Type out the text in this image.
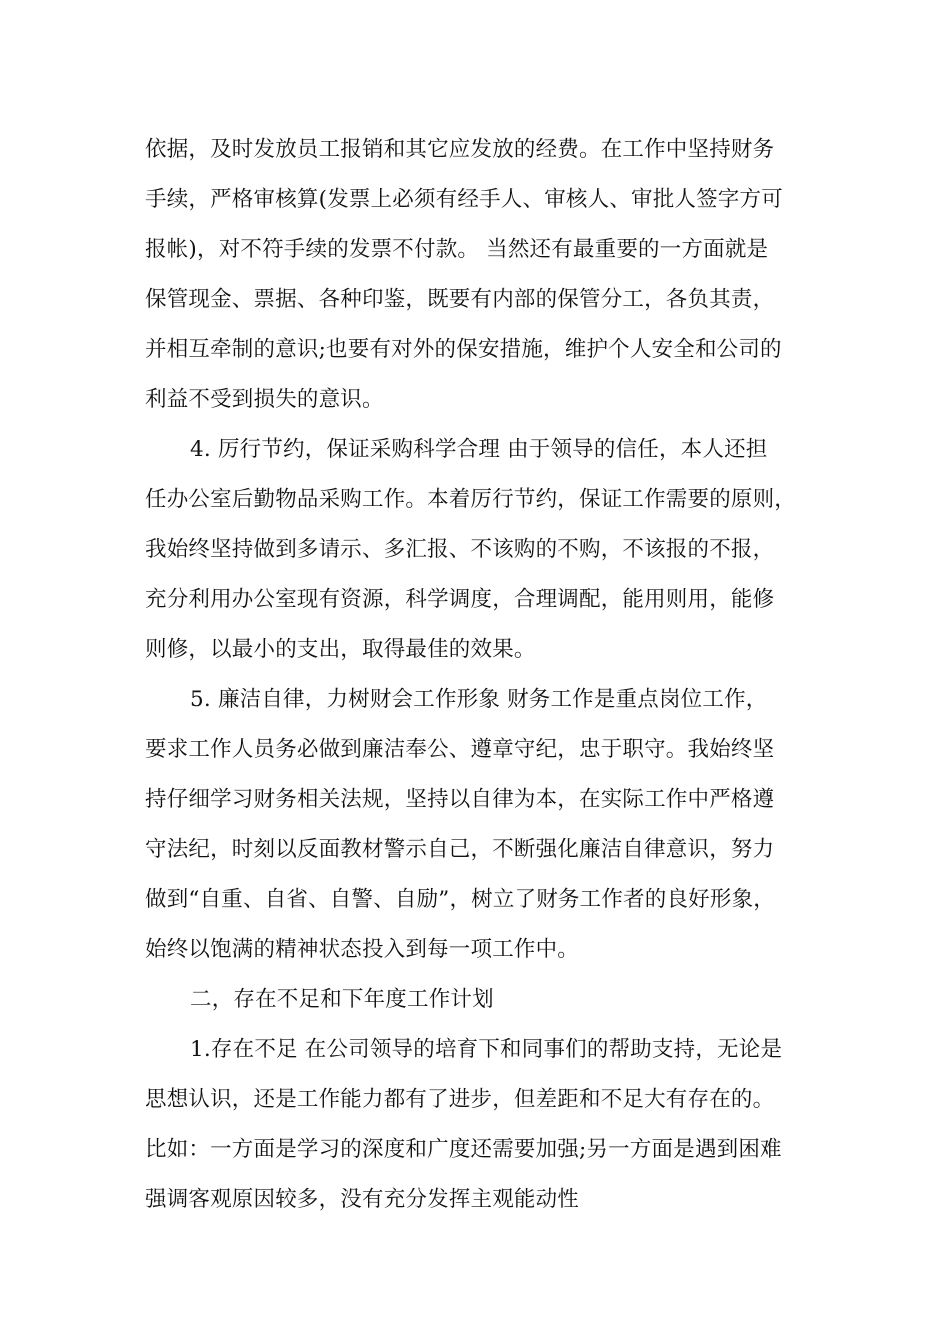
依据，及时发放员工报销和其它应发放的经费。在工作中坚持财务
手续，严格审核算(发票上必须有经手人、审核人、审批人签字方可
报帐)，对不符手续的发票不付款。 当然还有最重要的一方面就是
保管现金、票据、各种印鉴，既要有内部的保管分工，各负其责，
并相互牵制的意识;也要有对外的保安措施，维护个人安全和公司的
利益不受到损失的意识。
4. 厉行节约，保证采购科学合理 由于领导的信任，本人还担
任办公室后勤物品采购工作。本着厉行节约，保证工作需要的原则，
我始终坚持做到多请示、多汇报、不该购的不购，不该报的不报，
充分利用办公室现有资源，科学调度，合理调配，能用则用，能修
则修，以最小的支出，取得最佳的效果。
5. 廉洁自律，力树财会工作形象 财务工作是重点岗位工作，
要求工作人员务必做到廉洁奉公、遵章守纪，忠于职守。我始终坚
持仔细学习财务相关法规，坚持以自律为本，在实际工作中严格遵
守法纪，时刻以反面教材警示自己，不断强化廉洁自律意识，努力
做到“自重、自省、自警、自励”，树立了财务工作者的良好形象，
始终以饱满的精神状态投入到每一项工作中。
二，存在不足和下年度工作计划
1.存在不足 在公司领导的培育下和同事们的帮助支持，无论是
思想认识，还是工作能力都有了进步，但差距和不足大有存在的。
比如：一方面是学习的深度和广度还需要加强;另一方面是遇到困难
强调客观原因较多，没有充分发挥主观能动性
